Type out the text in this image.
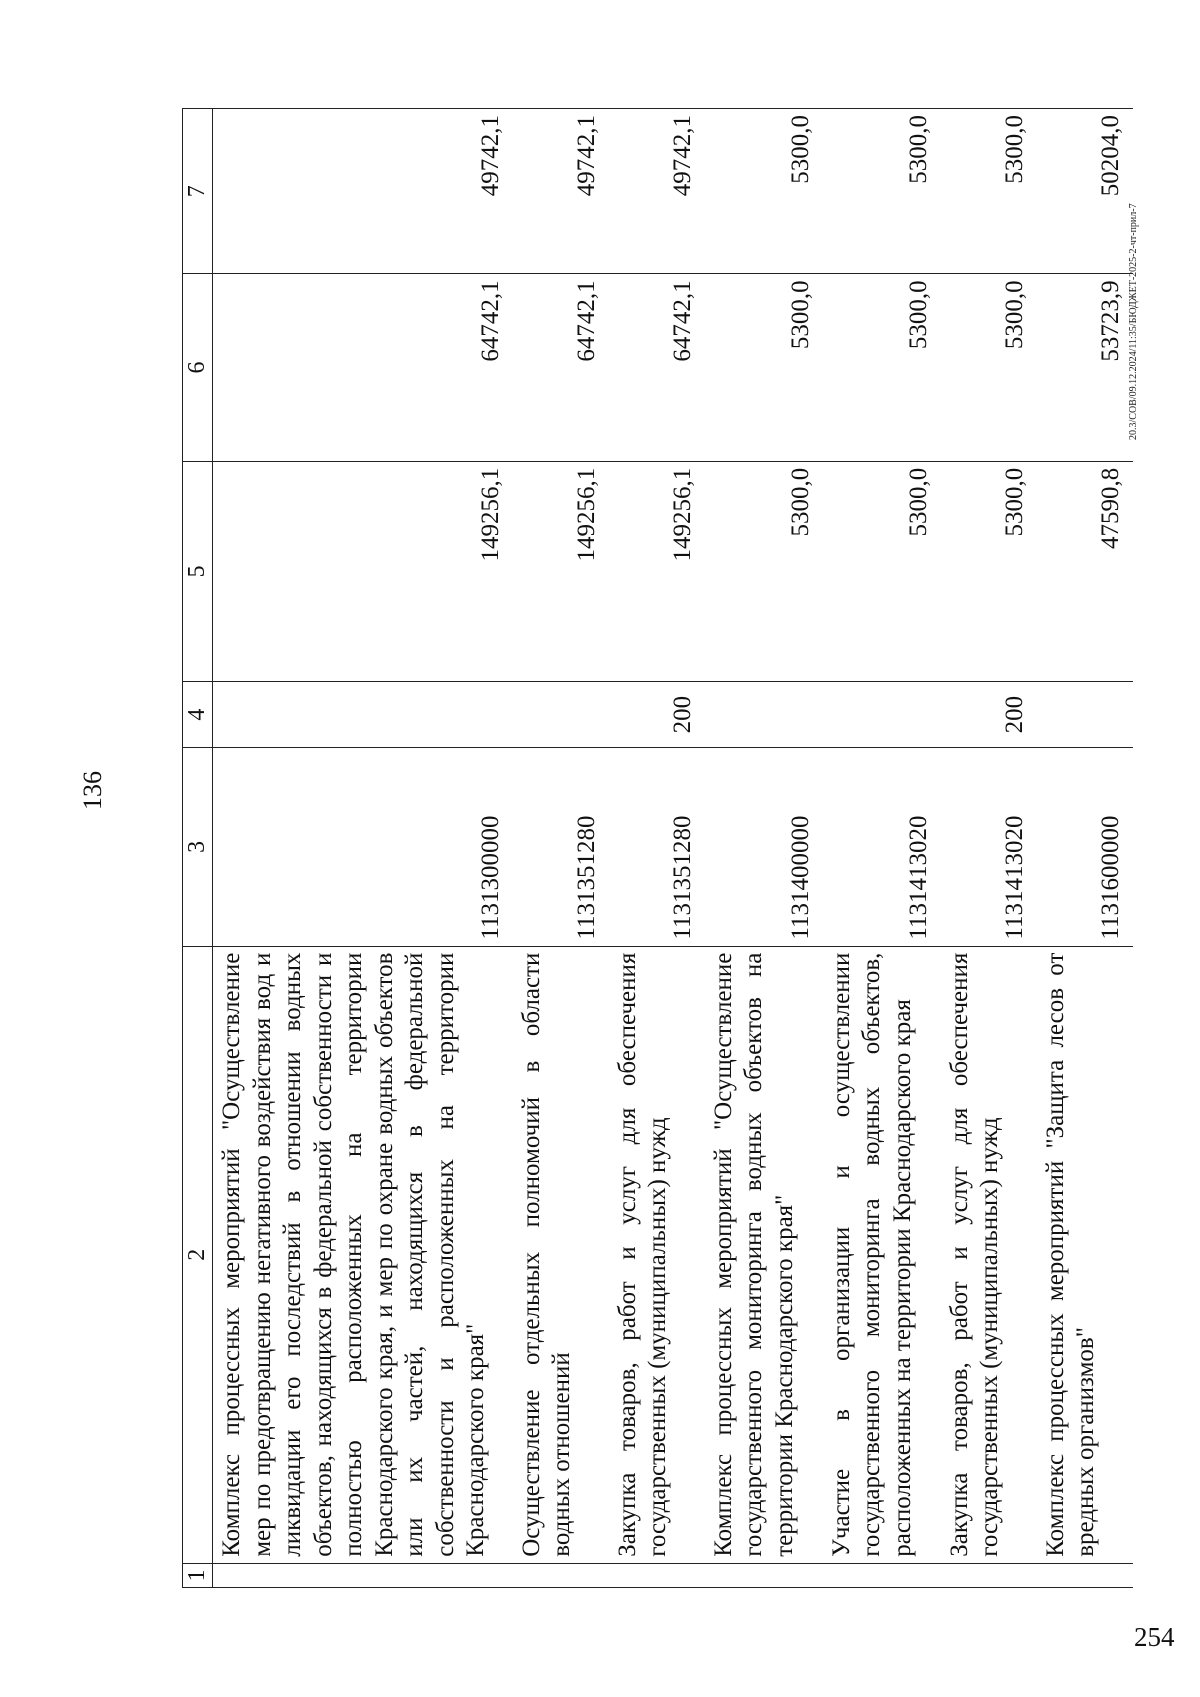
136
1	2	3	4	5	6	7
	Комплекс процессных мероприятий "Осуществление мер по предотвращению негативного воздействия вод и ликвидации его последствий в отношении водных объектов, находящихся в федеральной собственности и полностью расположенных на территории Краснодарского края, и мер по охране водных объектов или их частей, находящихся в федеральной собственности и расположенных на территории Краснодарского края"	1131300000		149256,1	64742,1	49742,1
	Осуществление отдельных полномочий в области водных отношений	1131351280		149256,1	64742,1	49742,1
	Закупка товаров, работ и услуг для обеспечения государственных (муниципальных) нужд	1131351280	200	149256,1	64742,1	49742,1
	Комплекс процессных мероприятий "Осуществление государственного мониторинга водных объектов на территории Краснодарского края"	1131400000		5300,0	5300,0	5300,0
	Участие в организации и осуществлении государственного мониторинга водных объектов, расположенных на территории Краснодарского края	1131413020		5300,0	5300,0	5300,0
	Закупка товаров, работ и услуг для обеспечения государственных (муниципальных) нужд	1131413020	200	5300,0	5300,0	5300,0
	Комплекс процессных мероприятий "Защита лесов от вредных организмов"	1131600000		47590,8	53723,9	50204,0
20.3/СОВ/09.12.2024/11:35/БЮДЖЕТ-2025-2-чт-прил-7
254
